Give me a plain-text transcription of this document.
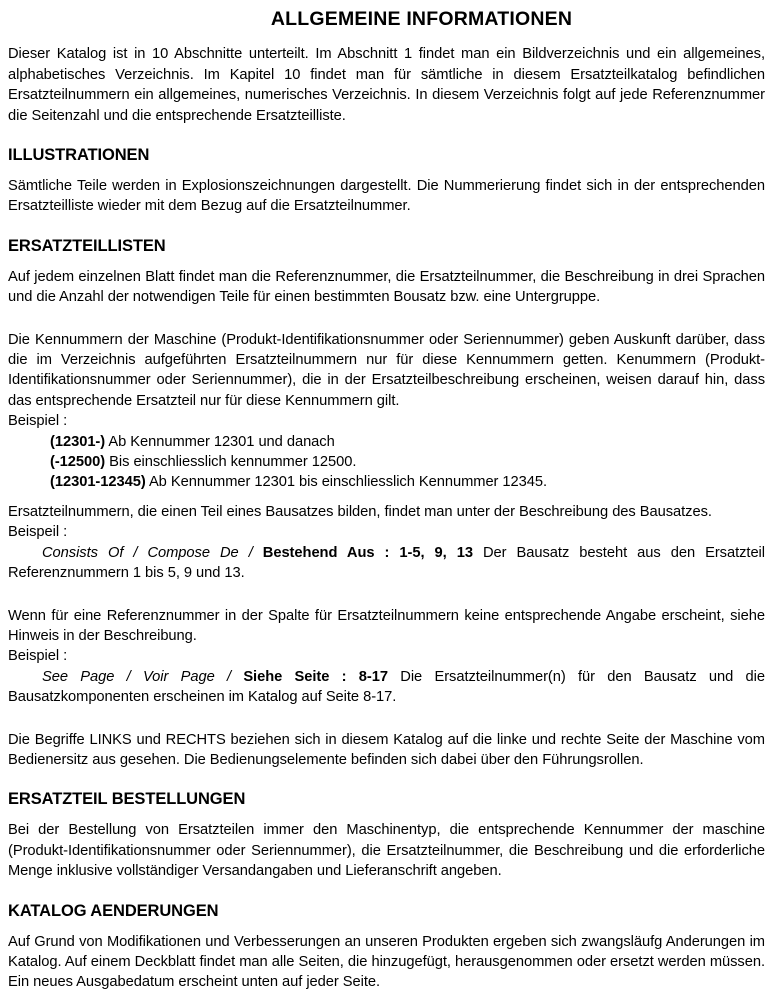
ALLGEMEINE INFORMATIONEN

Dieser Katalog ist in 10 Abschnitte unterteilt. Im Abschnitt 1 findet man ein Bildverzeichnis und ein allgemeines, alphabetisches Verzeichnis. Im Kapitel 10 findet man für sämtliche in diesem Ersatzteilkatalog befindlichen Ersatzteilnummern ein allgemeines, numerisches Verzeichnis. In diesem Verzeichnis folgt auf jede Referenznummer die Seitenzahl und die entsprechende Ersatzteilliste.

ILLUSTRATIONEN

Sämtliche Teile werden in Explosionszeichnungen dargestellt. Die Nummerierung findet sich in der entsprechenden Ersatzteilliste wieder mit dem Bezug auf die Ersatzteilnummer.

ERSATZTEILLISTEN

Auf jedem einzelnen Blatt findet man die Referenznummer, die Ersatzteilnummer, die Beschreibung in drei Sprachen und die Anzahl der notwendigen Teile für einen bestimmten Bousatz bzw. eine Untergruppe.

Die Kennummern der Maschine (Produkt-Identifikationsnummer oder Seriennummer) geben Auskunft darüber, dass die im Verzeichnis aufgeführten Ersatzteilnummern nur für diese Kennummern getten. Kenummern (Produkt-Identifikationsnummer oder Seriennummer), die in der Ersatzteilbeschreibung erscheinen, weisen darauf hin, dass das entsprechende Ersatzteil nur für diese Kennummern gilt.

Beispiel :

(12301-) Ab Kennummer 12301 und danach
(-12500) Bis einschliesslich kennummer 12500.
(12301-12345) Ab Kennummer 12301 bis einschliesslich Kennummer 12345.

Ersatzteilnummern, die einen Teil eines Bausatzes bilden, findet man unter der Beschreibung des Bausatzes.

Beispeil :

Consists Of / Compose De / Bestehend Aus : 1-5, 9, 13 Der Bausatz besteht aus den Ersatzteil Referenznummern 1 bis 5, 9 und 13.

Wenn für eine Referenznummer in der Spalte für Ersatzteilnummern keine entsprechende Angabe erscheint, siehe Hinweis in der Beschreibung.

Beispiel :

See Page / Voir Page / Siehe Seite : 8-17 Die Ersatzteilnummer(n) für den Bausatz und die Bausatzkomponenten erscheinen im Katalog auf Seite 8-17.

Die Begriffe LINKS und RECHTS beziehen sich in diesem Katalog auf die linke und rechte Seite der Maschine vom Bedienersitz aus gesehen. Die Bedienungselemente befinden sich dabei über den Führungsrollen.

ERSATZTEIL BESTELLUNGEN

Bei der Bestellung von Ersatzteilen immer den Maschinentyp, die entsprechende Kennummer der maschine (Produkt-Identifikationsnummer oder Seriennummer), die Ersatzteilnummer, die Beschreibung und die erforderliche Menge inklusive vollständiger Versandangaben und Lieferanschrift angeben.

KATALOG AENDERUNGEN

Auf Grund von Modifikationen und Verbesserungen an unseren Produkten ergeben sich zwangsläufg Anderungen im Katalog. Auf einem Deckblatt findet man alle Seiten, die hinzugefügt, herausgenommen oder ersetzt werden müssen. Ein neues Ausgabedatum erscheint unten auf jeder Seite.
